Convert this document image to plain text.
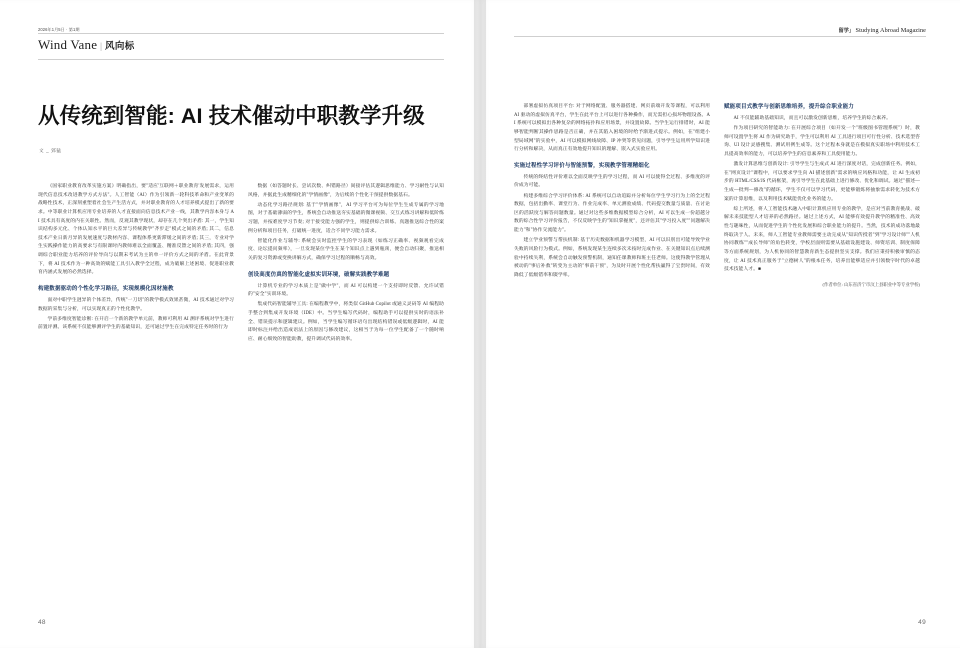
2026年1月5日 · 第1期
Wind Vane | 风向标
从传统到智能: AI 技术催动中职教学升级
文 _ 郅猛

《国家职业教育改革实施方案》明确指出，要"适应'互联网＋职业教育'发展需求，运用现代信息技术改进教学方式方法"。人工智能（AI）作为引领新一轮科技革命和产业变革的战略性技术，正深刻重塑着社会生产生活方式，并对职业教育的人才培养模式提出了新的要求。中等职业计算机应用专业培养的人才直接面向信息技术产业一线，其教学内容本身与 AI 技术具有高度的内在关联性。然而，反观其教学现状，却存在几个突出矛盾: 其一，学生知识结构多元化、个体认知水平的巨大差异与传统教学"齐步走"模式之间的矛盾; 其二，信息技术产业日新月异的发展速度与教材内容、课程体系更新滞缓之间的矛盾; 其三，专业对学生实践操作能力的高要求与有限课时内教师难以全面覆盖、精准反馈之间的矛盾; 其四，强调综合职业能力培养的评价导向与以期末考试为主的单一评价方式之间的矛盾。在此背景下，将 AI 技术作为一种高效的赋能工具引入教学全过程，成为破解上述困境、促进职业教育内涵式发展的必然选择。

构建数据驱动的个性化学习路径，实现规模化因材施教

面对中职学生迥异的个体差异，传统"一刀切"的教学模式效果甚微，AI 技术通过对学习数据的采集与分析，可以实现真正的个性化教学。

学前多维度智能诊断: 在开启一个新的教学单元前，教师可利用 AI 测评系统对学生进行前置评测。该系统不仅能够测评学生的基础知识，还可通过学生在完成特定任务时的行为

数据（如答题时长、尝试次数、纠错路径）间接评估其逻辑思维能力、学习耐性与认知风格，并据此生成精细化的"学情画像"，为后续的个性化干预提供数据基石。

动态化学习路径规划: 基于"学情画像"，AI 学习平台可为每位学生生成专属的学习地图，对于基础薄弱的学生，系统会自动推送夯实基础的微课视频、交互式练习讲解和低阶练习题，并按难度学习节奏; 对于接受能力强的学生，则提供综合训练、真题推送综合性的案例分析和项目任务，打破统一进度，适合不同学习能力需求。

智能化作业与辅导: 系统会实时监控学生的学习表现（如练习正确率、视频观看完成度、论坛提问频率），一旦发现某位学生在某个知识点上遇到瓶颈，便会自动归聚，推送相关的复习资源或变换讲解方式，确保学习过程的顺畅与高效。

创设高度仿真的智能化虚拟实训环境，破解实践教学难题

计算机专业的学习本质上是"做中学"，而 AI 可以构建一个支持即时反馈、允许试错的"安全"实训环境。

集成代码智能辅导工具: 在编程教学中，将类似 GitHub Copilot 或通义灵码等 AI 编程助手整合到集成开发环境（IDE）中。当学生编写代码时，编程助手可以提供实时的语法补全、错误提示和逻辑建议。例如，当学生编写循环语句出现结构错误或低级逻辑时，AI 能即时标注并给出造成语法上的原因与修改建议，这相当于为每一位学生配备了一个随时响应、耐心细致的智能助教，提升调试代码的效率。

48
留学」 Studying Abroad Magazine

部署虚拟仿真项目平台: 对于网络配置、服务器搭建、网页前端开发等课程，可以利用 AI 驱动的虚拟仿真平台，学生在此平台上可以进行各种操作，而无需担心损坏物理设备。AI 系统可以模拟出各种复杂的网络拓扑和应用场景，并设置故障。当学生运行排错时，AI 能够智能判断其操作思路是否正确，并在其陷入困境的时给予渐进式提示。例如，在"组建小型局域网"的实验中，AI 可以模拟网线故障、IP 冲突等常见问题，引导学生运用所学知识进行分析和解决，从而真正有效地提升知识的理解、嵌入式实验应用。

实施过程性学习评价与智能预警，实现教学管理精细化

传统的终结性评价难以全面反映学生的学习过程，而 AI 可以使得全过程、多维度的评价成为可能。

构建多维综合学习评价体系: AI 系统可以自动追踪并分析每位学生学习行为上的全过程数据，包括出勤率、课堂行为、作业完成率、单元测验成绩、代码提交数量与质量、在讨论区的活跃度与解答问题数量。通过对这些多维数据模型综合分析，AI 可以生成一份超越分数的综合性学习评价报告，不仅反映学生的"知识掌握度"，还评估其"学习投入度""问题解决能力"和"协作交流能力"。

建立学业预警与帮扶机制: 基于历史数据和机器学习模型，AI 可以识别出可能导致学业失败的风险行为模式。例如，系统发现某生连续多次未按时完成作业、在关键知识点后续测验中持续失利，系统会自动触发预警机制，通知任课教师和班主任老师。这使得教学管理从被动的"事后补救"转变为主动的"事前干预"，为及时开展个性化帮扶赢得了宝贵时间，有效降低了低级错率和辍学率。

赋能项目式教学与创新思维培养，提升综合职业能力

AI 不仅能辅助基础知识，而且可以激发创新思维，培养学生的综合素养。

作为项目研究的智能助力: 在开展综合项目（如开发一个"班级图书管理系统"）时，教师可设置学生将 AI 作为研究助手，学生可以利用 AI 工具进行项目可行性分析、技术选型咨询、UI 设计灵感搜集、测试用例生成等。这个过程本身就是在模拟真实职场中利用技术工具提高效率的能力，可以培养学生的信息素养和工具使用能力。

激发计算思维与创新设计: 引导学生与生成式 AI 进行深度对话，完成创新任务。例如，在"网页设计"课程中，可以要求学生向 AI 描述创新"需求的响应风格和功能，让 AI 生成初步的 HTML/CSS/JS 代码框架，再引导学生在此基础上进行修改、优化和调试。通过"描述—生成—批判—修改"的循环，学生不仅可以学习代码，更能够锻炼将抽象需求转化为技术方案的计算思维，以及利用技术赋能优化业务的能力。

综上所述，将人工智能技术融入中职计算机应用专业的教学，是应对当前教育挑战、破解未来技能型人才培养的必然路径。通过上述方式，AI 能够有效提升教学的精准性、高效性与趣味性，从而促进学生的个性化发展和综合职业能力的提升。当然，技术的成功落地最终取决于人。未来，师人工智能专业教师需要主动完成从"知识传授者"到"学习设计师""人机协同教练""成长导师"的角色转变，学校层面则需要从基础设施建设、师资培训、制度保障等方面系统规划，为人机协同的智慧教育新生态提供坚实支撑。我们应秉持积极审慎的态度，让 AI 技术真正服务于"立德树人"的根本任务，培养出能够适应并引领数字时代的卓越技术技能人才。■

(作者单位: 山东省济宁市汶上县职业中等专业学校)

49
